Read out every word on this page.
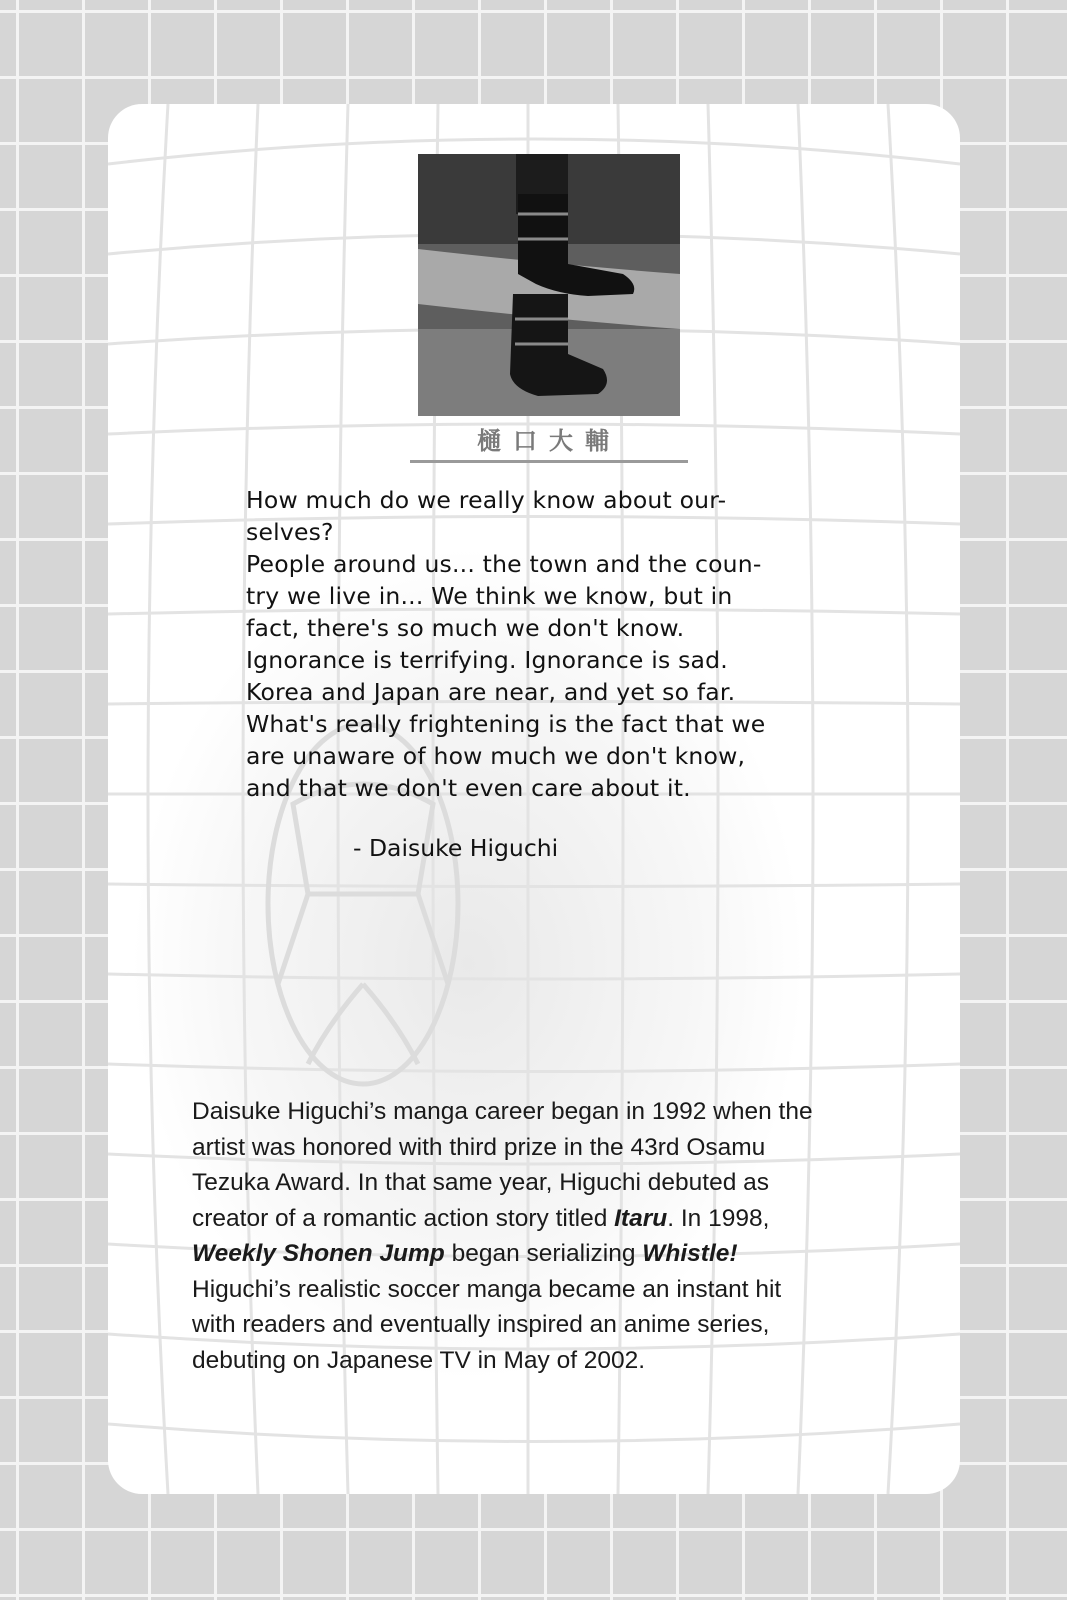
樋口大輔
How much do we really know about our-
selves?
People around us... the town and the coun-
try we live in... We think we know, but in
fact, there's so much we don't know.
Ignorance is terrifying. Ignorance is sad.
Korea and Japan are near, and yet so far.
What's really frightening is the fact that we
are unaware of how much we don't know,
and that we don't even care about it.
- Daisuke Higuchi
Daisuke Higuchi’s manga career began in 1992 when the
artist was honored with third prize in the 43rd Osamu
Tezuka Award. In that same year, Higuchi debuted as
creator of a romantic action story titled Itaru. In 1998,
Weekly Shonen Jump began serializing Whistle!
Higuchi’s realistic soccer manga became an instant hit
with readers and eventually inspired an anime series,
debuting on Japanese TV in May of 2002.
